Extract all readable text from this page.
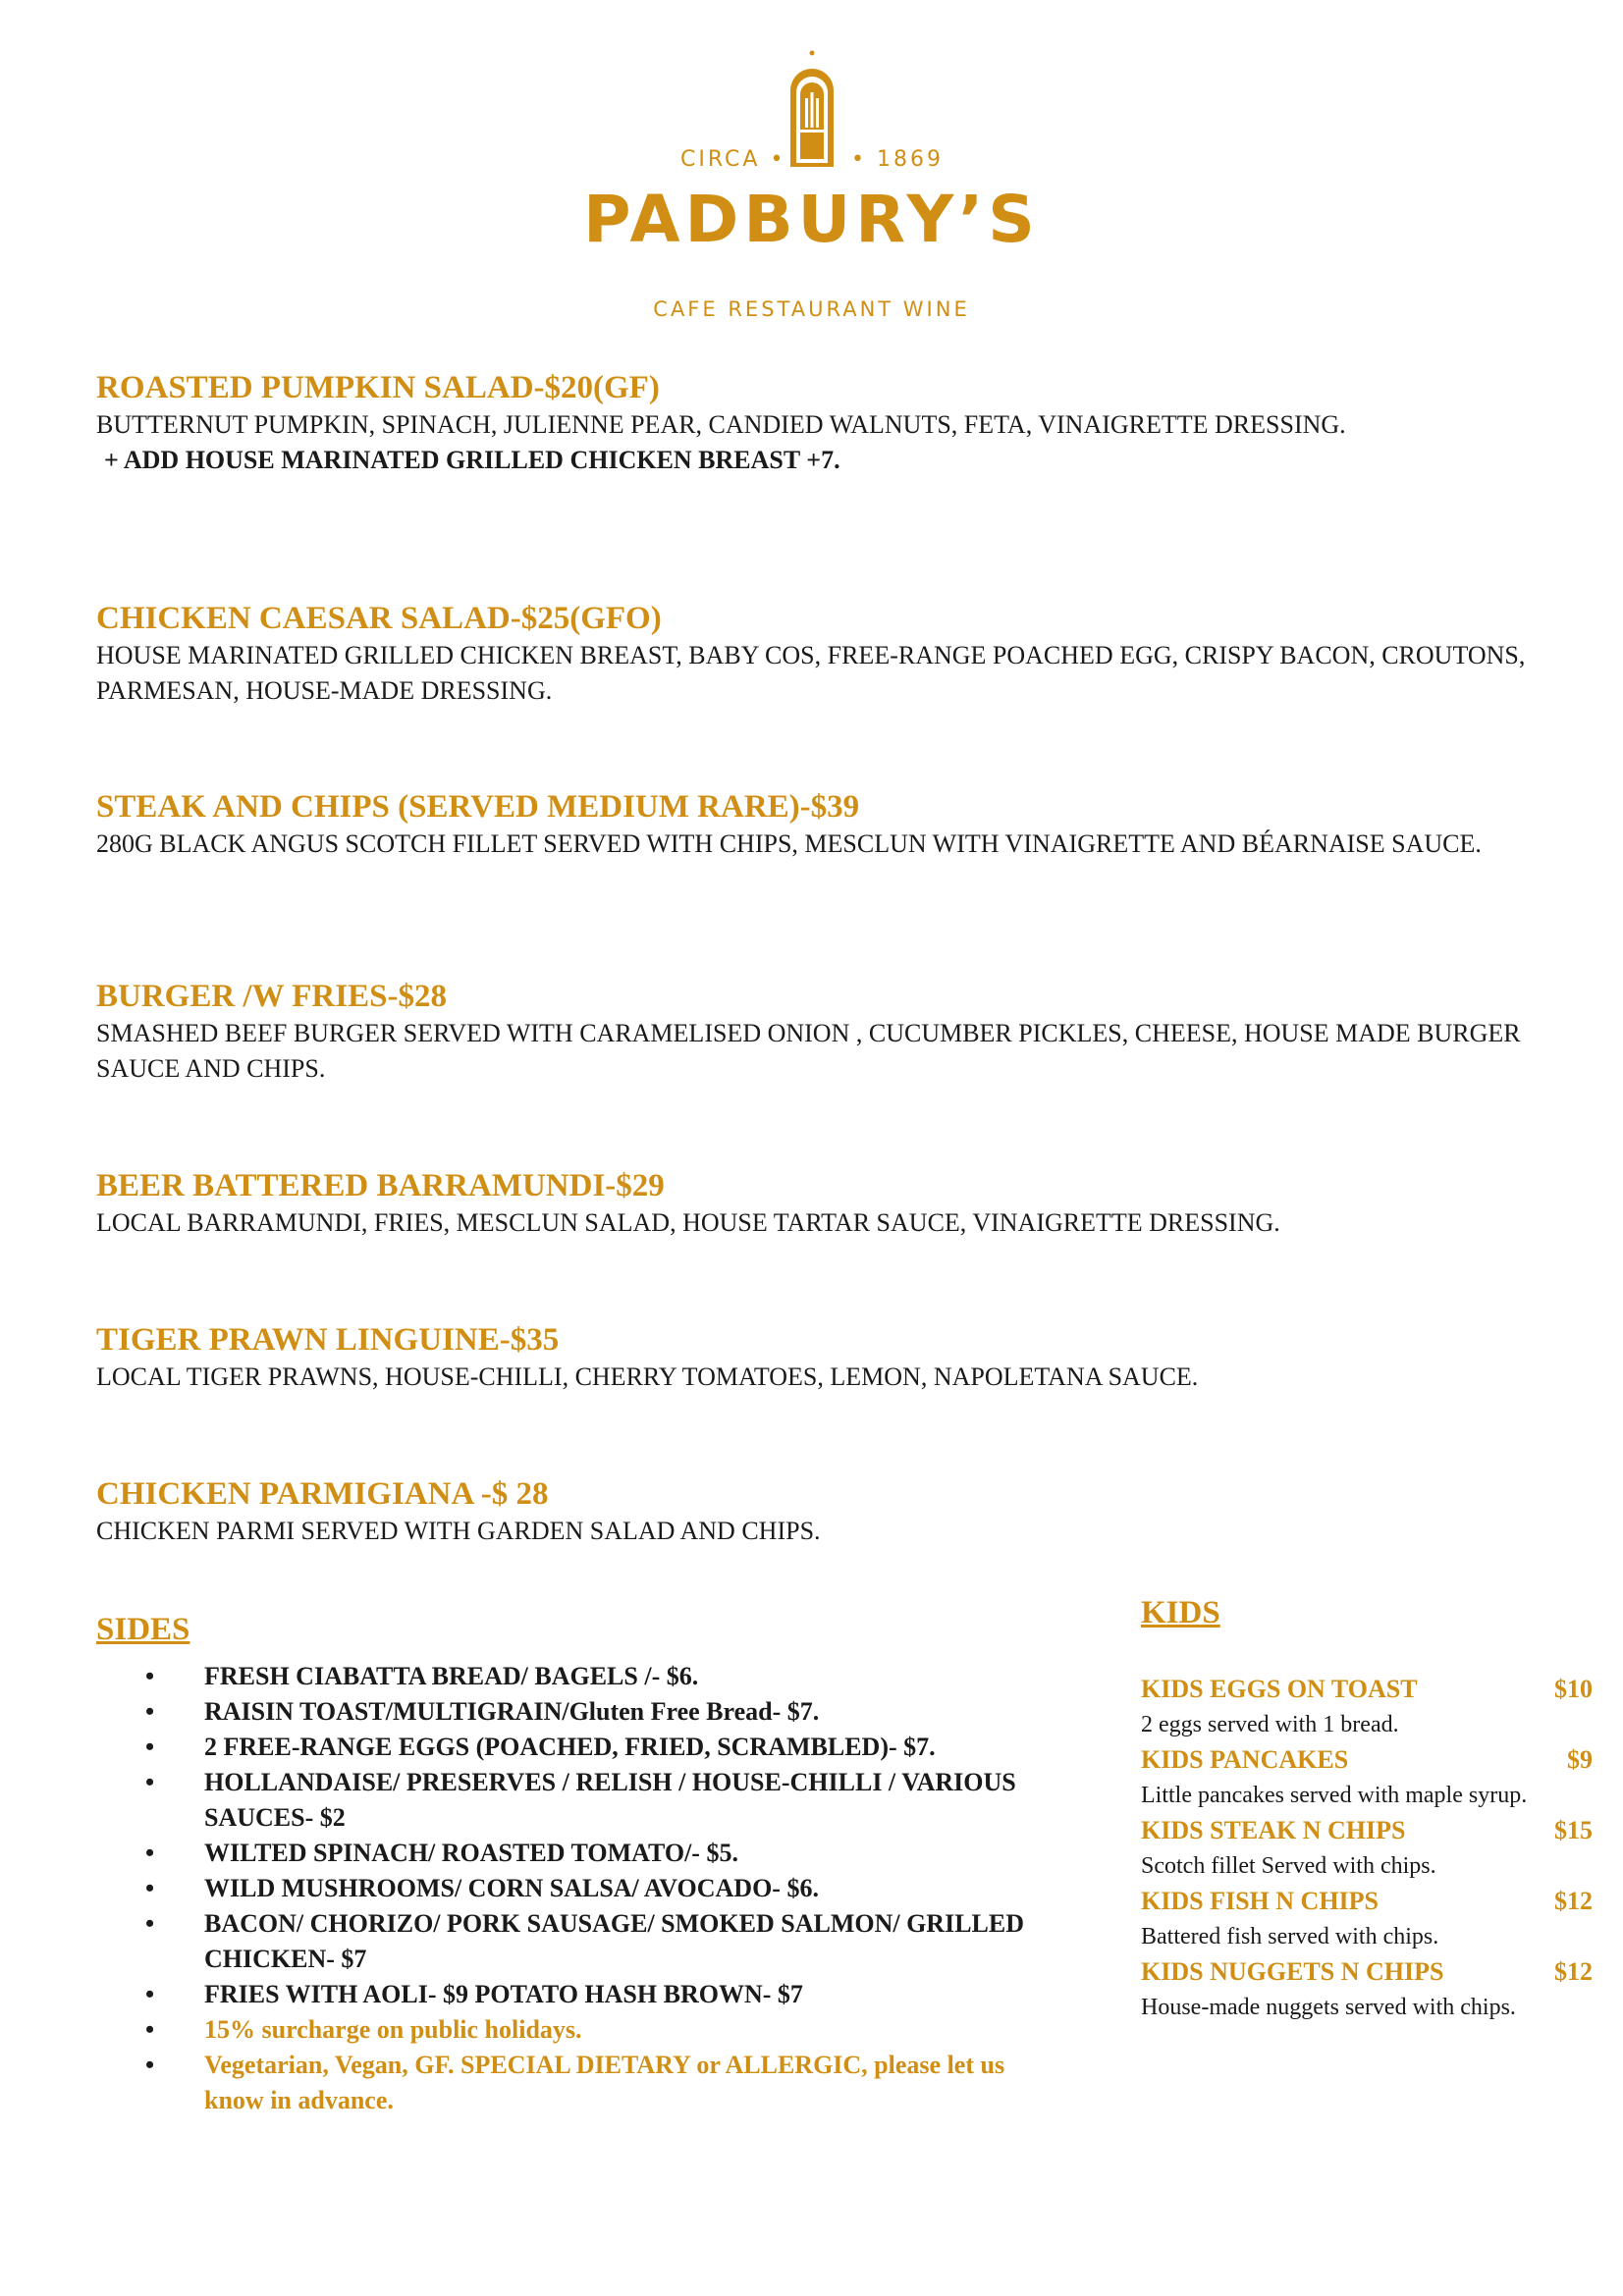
CIRCA •	• 1869
PADBURY’S
CAFE RESTAURANT WINE

ROASTED PUMPKIN SALAD-$20(GF)

BUTTERNUT PUMPKIN, SPINACH, JULIENNE PEAR, CANDIED WALNUTS, FETA, VINAIGRETTE DRESSING.

+ ADD HOUSE MARINATED GRILLED CHICKEN BREAST +7.

CHICKEN CAESAR SALAD-$25(GFO)

HOUSE MARINATED GRILLED CHICKEN BREAST, BABY COS, FREE-RANGE POACHED EGG, CRISPY BACON, CROUTONS, PARMESAN, HOUSE-MADE DRESSING.

STEAK AND CHIPS (SERVED MEDIUM RARE)-$39

280G BLACK ANGUS SCOTCH FILLET SERVED WITH CHIPS, MESCLUN WITH VINAIGRETTE AND BÉARNAISE SAUCE.

BURGER /W FRIES-$28

SMASHED BEEF BURGER SERVED WITH CARAMELISED ONION , CUCUMBER PICKLES, CHEESE, HOUSE MADE BURGER SAUCE AND CHIPS.

BEER BATTERED BARRAMUNDI-$29

LOCAL BARRAMUNDI, FRIES, MESCLUN SALAD, HOUSE TARTAR SAUCE, VINAIGRETTE DRESSING.

TIGER PRAWN LINGUINE-$35

LOCAL TIGER PRAWNS, HOUSE-CHILLI, CHERRY TOMATOES, LEMON, NAPOLETANA SAUCE.

CHICKEN PARMIGIANA -$ 28

CHICKEN PARMI SERVED WITH GARDEN SALAD AND CHIPS.

SIDES

• FRESH CIABATTA BREAD/ BAGELS /- $6.
• RAISIN TOAST/MULTIGRAIN/Gluten Free Bread- $7.
• 2 FREE-RANGE EGGS (POACHED, FRIED, SCRAMBLED)- $7.
• HOLLANDAISE/ PRESERVES / RELISH / HOUSE-CHILLI / VARIOUS SAUCES- $2
• WILTED SPINACH/ ROASTED TOMATO/- $5.
• WILD MUSHROOMS/ CORN SALSA/ AVOCADO- $6.
• BACON/ CHORIZO/ PORK SAUSAGE/ SMOKED SALMON/ GRILLED CHICKEN- $7
• FRIES WITH AOLI- $9 POTATO HASH BROWN- $7
• 15% surcharge on public holidays.
• Vegetarian, Vegan, GF. SPECIAL DIETARY or ALLERGIC, please let us know in advance.

KIDS

KIDS EGGS ON TOAST	$10

2 eggs served with 1 bread.

KIDS PANCAKES	$9

Little pancakes served with maple syrup.

KIDS STEAK N CHIPS	$15

Scotch fillet Served with chips.

KIDS FISH N CHIPS	$12

Battered fish served with chips.

KIDS NUGGETS N CHIPS	$12

House-made nuggets served with chips.
